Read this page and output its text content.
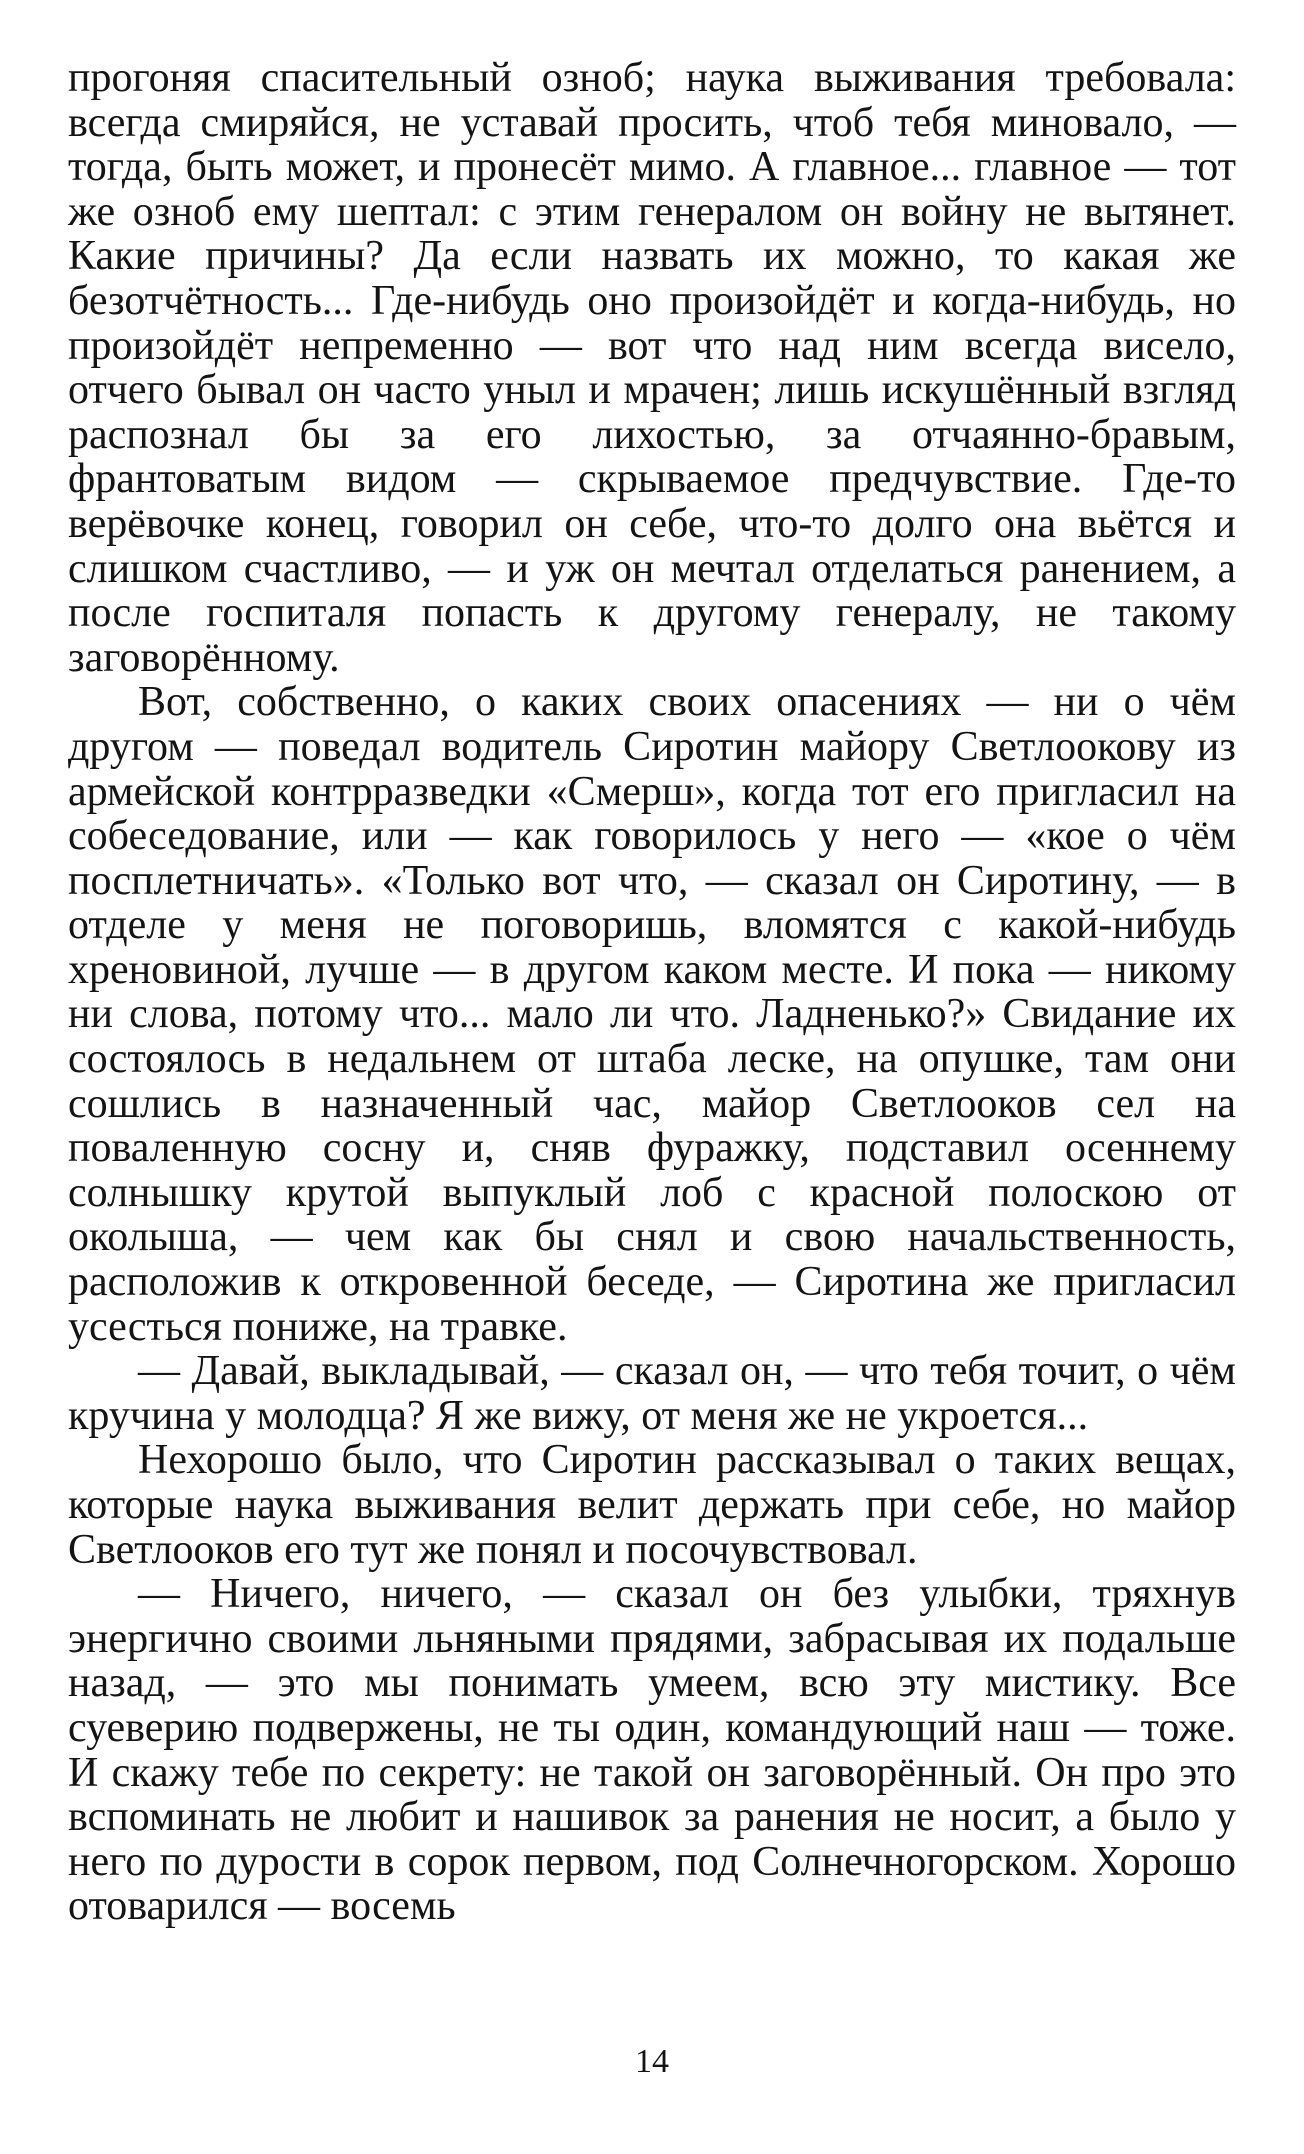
прогоняя спасительный озноб; наука выживания требовала: всегда смиряйся, не уставай просить, чтоб тебя миновало, — тогда, быть может, и пронесёт мимо. А главное... главное — тот же озноб ему шептал: с этим генералом он войну не вытянет. Какие причины? Да если назвать их можно, то какая же безотчётность... Где-нибудь оно произойдёт и когда-нибудь, но произойдёт непременно — вот что над ним всегда висело, отчего бывал он часто уныл и мрачен; лишь искушённый взгляд распознал бы за его лихостью, за отчаянно-бравым, франтоватым видом — скрываемое предчувствие. Где-то верёвочке конец, говорил он себе, что-то долго она вьётся и слишком счастливо, — и уж он мечтал отделаться ранением, а после госпиталя попасть к другому генералу, не такому заговорённому.

Вот, собственно, о каких своих опасениях — ни о чём другом — поведал водитель Сиротин майору Светлоокову из армейской контрразведки «Смерш», когда тот его пригласил на собеседование, или — как говорилось у него — «кое о чём посплетничать». «Только вот что, — сказал он Сиротину, — в отделе у меня не поговоришь, вломятся с какой-нибудь хреновиной, лучше — в другом каком месте. И пока — никому ни слова, потому что... мало ли что. Ладненько?» Свидание их состоялось в недальнем от штаба леске, на опушке, там они сошлись в назначенный час, майор Светлооков сел на поваленную сосну и, сняв фуражку, подставил осеннему солнышку крутой выпуклый лоб с красной полоскою от околыша, — чем как бы снял и свою начальственность, расположив к откровенной беседе, — Сиротина же пригласил усесться пониже, на травке.

— Давай, выкладывай, — сказал он, — что тебя точит, о чём кручина у молодца? Я же вижу, от меня же не укроется...

Нехорошо было, что Сиротин рассказывал о таких вещах, которые наука выживания велит держать при себе, но майор Светлооков его тут же понял и посочувствовал.

— Ничего, ничего, — сказал он без улыбки, тряхнув энергично своими льняными прядями, забрасывая их подальше назад, — это мы понимать умеем, всю эту мистику. Все суеверию подвержены, не ты один, командующий наш — тоже. И скажу тебе по секрету: не такой он заговорённый. Он про это вспоминать не любит и нашивок за ранения не носит, а было у него по дурости в сорок первом, под Солнечногорском. Хорошо отоварился — восемь

14
